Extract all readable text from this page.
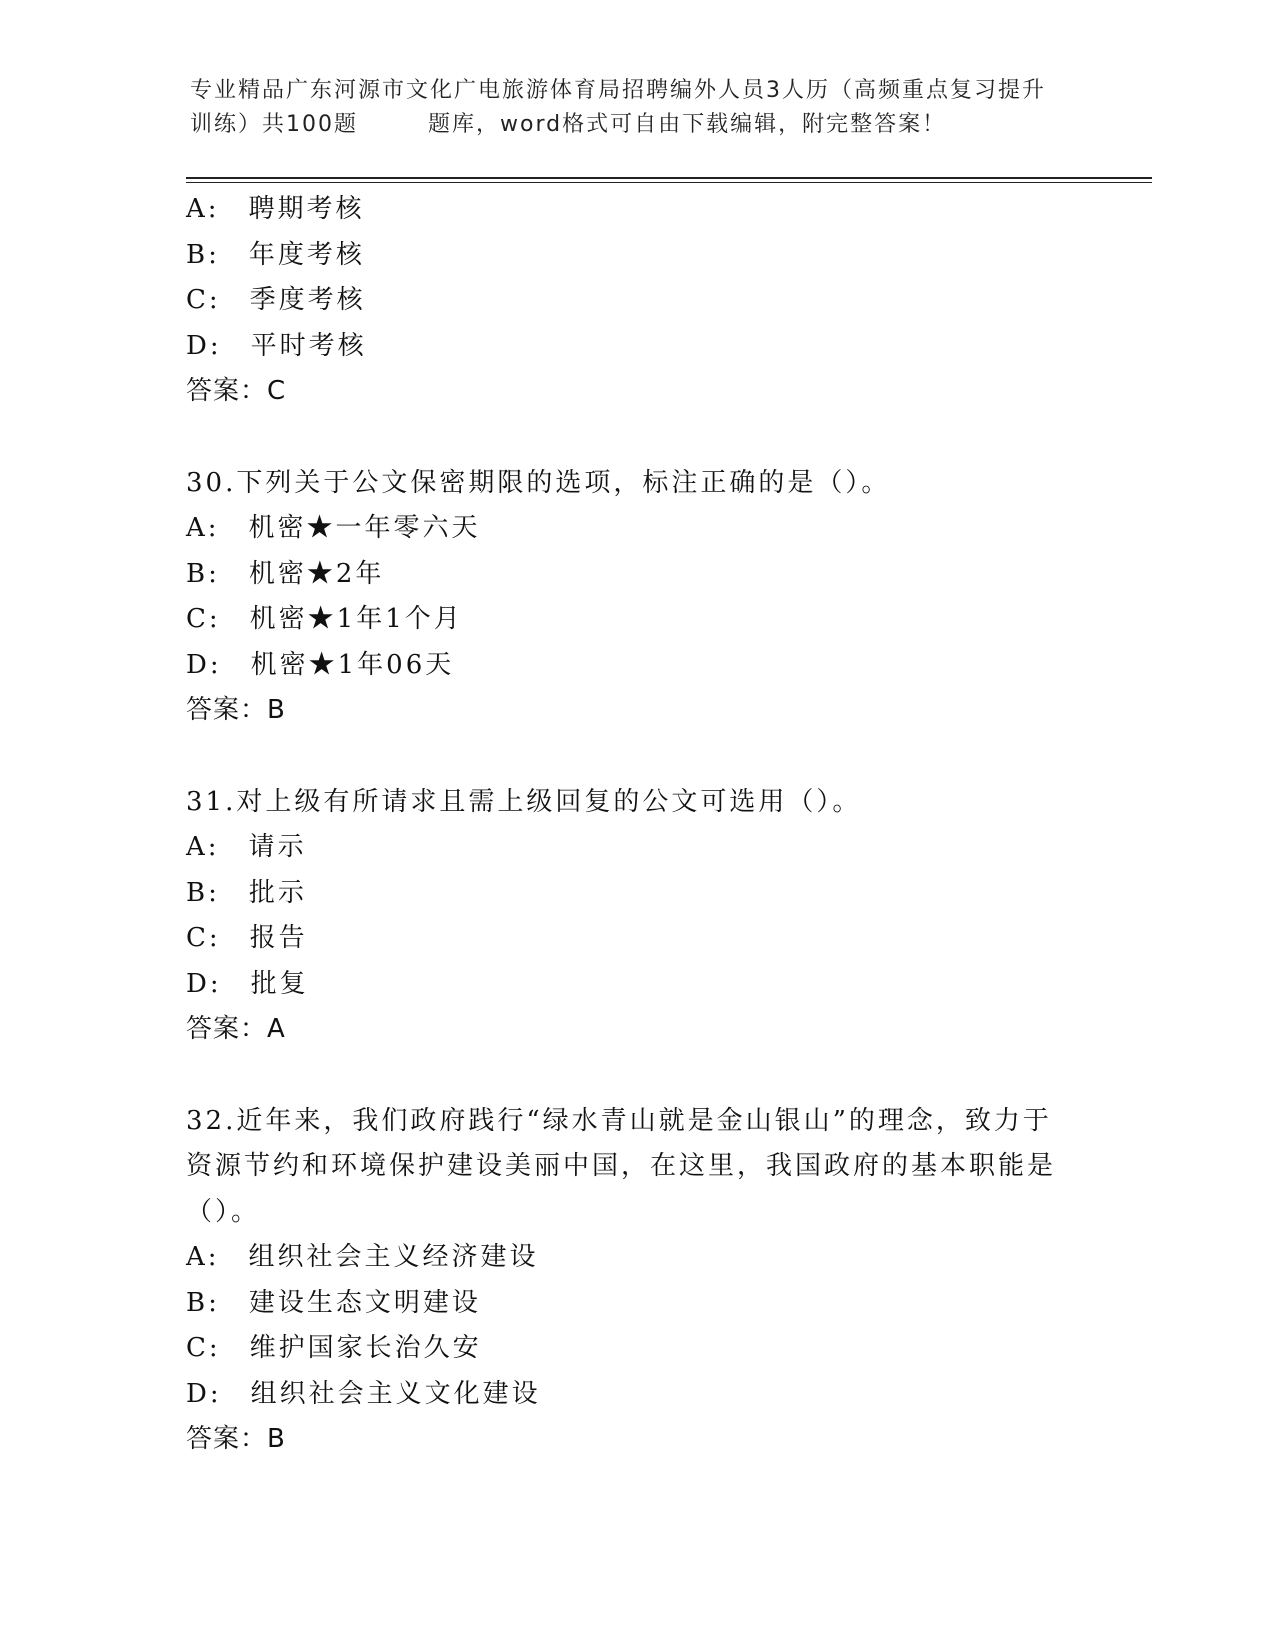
专业精品广东河源市文化广电旅游体育局招聘编外人员3人历（高频重点复习提升
训练）共100题	题库，word格式可自由下载编辑，附完整答案！
A:　聘期考核
B:　年度考核
C:　季度考核
D:　平时考核
答案：C
30.下列关于公文保密期限的选项，标注正确的是（）。
A:　机密★一年零六天
B:　机密★2年
C:　机密★1年1个月
D:　机密★1年06天
答案：B
31.对上级有所请求且需上级回复的公文可选用（）。
A:　请示
B:　批示
C:　报告
D:　批复
答案：A
32.近年来，我们政府践行“绿水青山就是金山银山”的理念，致力于资源节约和环境保护建设美丽中国，在这里，我国政府的基本职能是（）。
A:　组织社会主义经济建设
B:　建设生态文明建设
C:　维护国家长治久安
D:　组织社会主义文化建设
答案：B
